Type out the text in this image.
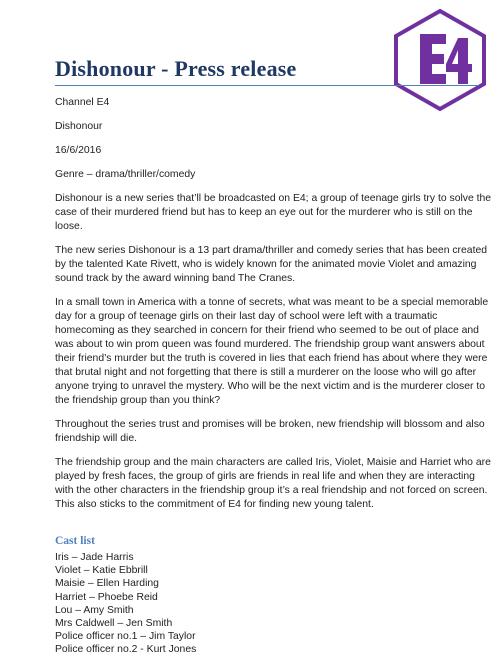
Dishonour - Press release

Channel E4

Dishonour

16/6/2016

Genre – drama/thriller/comedy

Dishonour is a new series that’ll be broadcasted on E4; a group of teenage girls try to solve the case of their murdered friend but has to keep an eye out for the murderer who is still on the loose.

The new series Dishonour is a 13 part drama/thriller and comedy series that has been created by the talented Kate Rivett, who is widely known for the animated movie Violet and amazing sound track by the award winning band The Cranes.

In a small town in America with a tonne of secrets, what was meant to be a special memorable day for a group of teenage girls on their last day of school were left with a traumatic homecoming as they searched in concern for their friend who seemed to be out of place and was about to win prom queen was found murdered. The friendship group want answers about their friend’s murder but the truth is covered in lies that each friend has about where they were that brutal night and not forgetting that there is still a murderer on the loose who will go after anyone trying to unravel the mystery. Who will be the next victim and is the murderer closer to the friendship group than you think?

Throughout the series trust and promises will be broken, new friendship will blossom and also friendship will die.

The friendship group and the main characters are called Iris, Violet, Maisie and Harriet who are played by fresh faces, the group of girls are friends in real life and when they are interacting with the other characters in the friendship group it’s a real friendship and not forced on screen. This also sticks to the commitment of E4 for finding new young talent.

Cast list
Iris – Jade Harris
Violet – Katie Ebbrill
Maisie – Ellen Harding
Harriet – Phoebe Reid
Lou – Amy Smith
Mrs Caldwell – Jen Smith
Police officer no.1 – Jim Taylor
Police officer no.2 - Kurt Jones
